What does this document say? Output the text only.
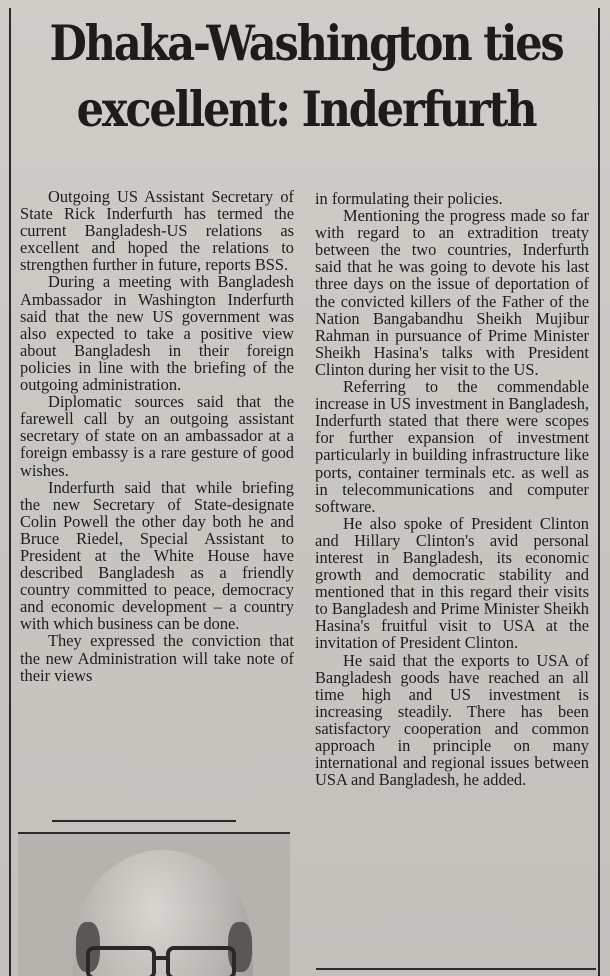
Dhaka-Washington ties
excellent: Inderfurth

Outgoing US Assistant Secretary of State Rick Inderfurth has termed the current Bangladesh-US relations as excellent and hoped the relations to strengthen further in future, reports BSS.

During a meeting with Bangladesh Ambassador in Washington Inderfurth said that the new US government was also expected to take a positive view about Bangladesh in their foreign policies in line with the briefing of the outgoing administration.

Diplomatic sources said that the farewell call by an outgoing assistant secretary of state on an ambassador at a foreign embassy is a rare gesture of good wishes.

Inderfurth said that while briefing the new Secretary of State-designate Colin Powell the other day both he and Bruce Riedel, Special Assistant to President at the White House have described Bangladesh as a friendly country committed to peace, democracy and economic development – a country with which business can be done.

They expressed the conviction that the new Administration will take note of their views

in formulating their policies.

Mentioning the progress made so far with regard to an extradition treaty between the two countries, Inderfurth said that he was going to devote his last three days on the issue of deportation of the convicted killers of the Father of the Nation Bangabandhu Sheikh Mujibur Rahman in pursuance of Prime Minister Sheikh Hasina's talks with President Clinton during her visit to the US.

Referring to the commendable increase in US investment in Bangladesh, Inderfurth stated that there were scopes for further expansion of investment particularly in building infrastructure like ports, container terminals etc. as well as in telecommunications and computer software.

He also spoke of President Clinton and Hillary Clinton's avid personal interest in Bangladesh, its economic growth and democratic stability and mentioned that in this regard their visits to Bangladesh and Prime Minister Sheikh Hasina's fruitful visit to USA at the invitation of President Clinton.

He said that the exports to USA of Bangladesh goods have reached an all time high and US investment is increasing steadily. There has been satisfactory cooperation and common approach in principle on many international and regional issues between USA and Bangladesh, he added.
